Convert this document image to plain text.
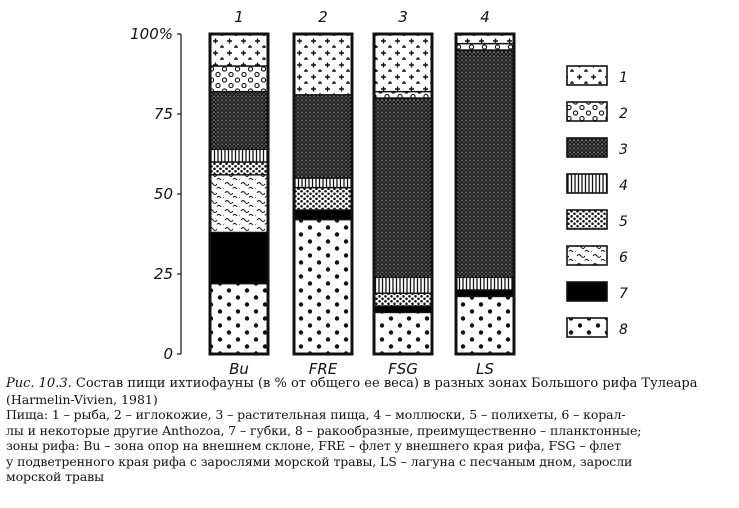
0
25
50
75
100%
1
Bu
2
FRE
3
FSG
4
LS
1
2
3
4
5
6
7
8

Рис. 10.3. Состав пищи ихтиофауны (в % от общего ее веса) в разных зонах Большого рифа Тулеара

(Harmelin-Vivien, 1981)

Пища: 1 – рыба, 2 – иглокожие, 3 – растительная пища, 4 – моллюски, 5 – полихеты, 6 – корал-

лы и некоторые другие Anthozoa, 7 – губки, 8 – ракообразные, преимущественно – планктонные;

зоны рифа: Bu – зона опор на внешнем склоне, FRE – флет у внешнего края рифа, FSG – флет

у подветренного края рифа с зарослями морской травы, LS – лагуна с песчаным дном, заросли

морской травы
